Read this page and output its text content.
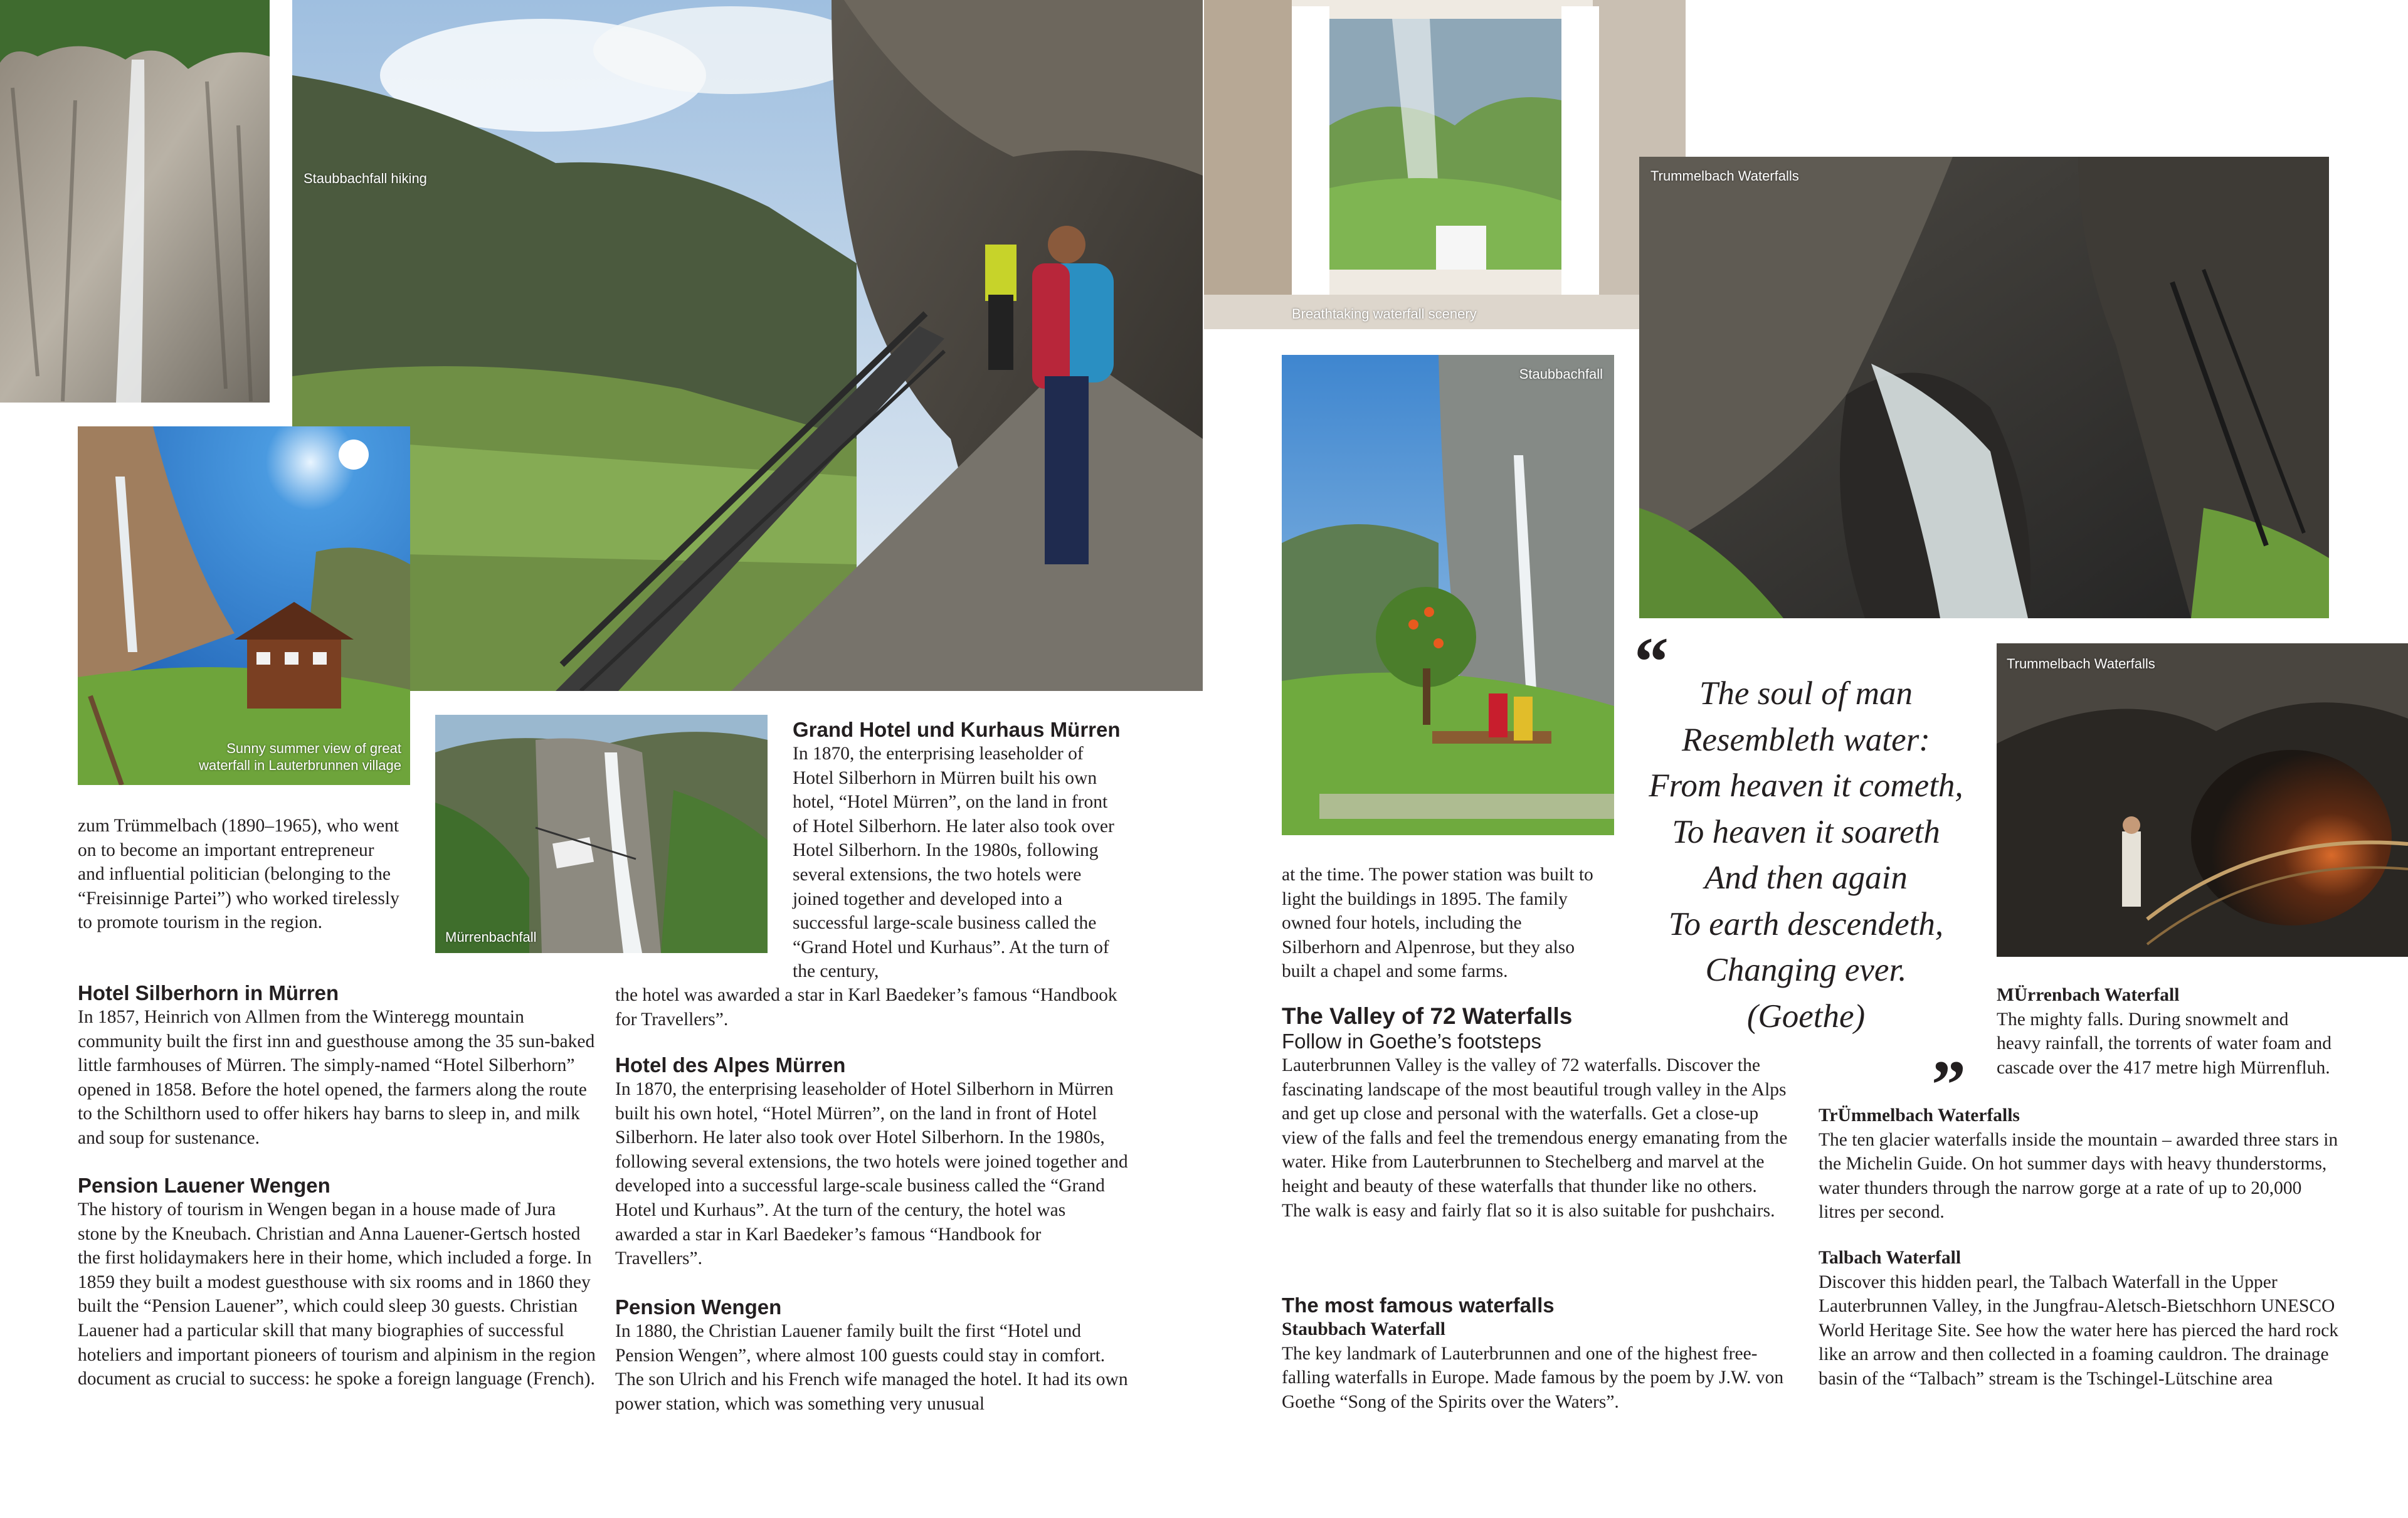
Staubbachfall hiking
Breathtaking waterfall scenery
Trummelbach Waterfalls
Sunny summer view of great
waterfall in Lauterbrunnen village
Mürrenbachfall
Staubbachfall
Trummelbach Waterfalls

zum Trümmelbach (1890–1965), who went on to become an important entrepreneur and influential politician (belonging to the “Freisinnige Partei”) who worked tirelessly to promote tourism in the region.

Hotel Silberhorn in Mürren

In 1857, Heinrich von Allmen from the Winteregg mountain community built the first inn and guesthouse among the 35 sun-baked little farmhouses of Mürren. The simply-named “Hotel Silberhorn” opened in 1858. Before the hotel opened, the farmers along the route to the Schilthorn used to offer hikers hay barns to sleep in, and milk and soup for sustenance.

Pension Lauener Wengen

The history of tourism in Wengen began in a house made of Jura stone by the Kneubach. Christian and Anna Lauener-Gertsch hosted the first holidaymakers here in their home, which included a forge. In 1859 they built a modest guesthouse with six rooms and in 1860 they built the “Pension Lauener”, which could sleep 30 guests. Christian Lauener had a particular skill that many biographies of successful hoteliers and important pioneers of tourism and alpinism in the region document as crucial to success: he spoke a foreign language (French).

Grand Hotel und Kurhaus Mürren

In 1870, the enterprising leaseholder of Hotel Silberhorn in Mürren built his own hotel, “Hotel Mürren”, on the land in front of Hotel Silberhorn. He later also took over Hotel Silberhorn. In the 1980s, following several extensions, the two hotels were joined together and developed into a successful large-scale business called the “Grand Hotel und Kurhaus”. At the turn of the century,

the hotel was awarded a star in Karl Baedeker’s famous “Handbook for Travellers”.

Hotel des Alpes Mürren

In 1870, the enterprising leaseholder of Hotel Silberhorn in Mürren built his own hotel, “Hotel Mürren”, on the land in front of Hotel Silberhorn. He later also took over Hotel Silberhorn. In the 1980s, following several extensions, the two hotels were joined together and developed into a successful large-scale business called the “Grand Hotel und Kurhaus”. At the turn of the century, the hotel was awarded a star in Karl Baedeker’s famous “Handbook for Travellers”.

Pension Wengen

In 1880, the Christian Lauener family built the first “Hotel und Pension Wengen”, where almost 100 guests could stay in comfort. The son Ulrich and his French wife managed the hotel. It had its own power station, which was something very unusual

at the time. The power station was built to light the buildings in 1895. The family owned four hotels, including the Silberhorn and Alpenrose, but they also built a chapel and some farms.

The Valley of 72 Waterfalls
Follow in Goethe’s footsteps

Lauterbrunnen Valley is the valley of 72 waterfalls. Discover the fascinating landscape of the most beautiful trough valley in the Alps and get up close and personal with the waterfalls. Get a close-up view of the falls and feel the tremendous energy emanating from the water. Hike from Lauterbrunnen to Stechelberg and marvel at the height and beauty of these waterfalls that thunder like no others. The walk is easy and fairly flat so it is also suitable for pushchairs.

The most famous waterfalls
Staubbach Waterfall

The key landmark of Lauterbrunnen and one of the highest free-falling waterfalls in Europe. Made famous by the poem by J.W. von Goethe “Song of the Spirits over the Waters”.

“ The soul of man
Resembleth water:
From heaven it cometh,
To heaven it soareth
And then again
To earth descendeth,
Changing ever.
(Goethe)
”
MÜrrenbach Waterfall

The mighty falls. During snowmelt and heavy rainfall, the torrents of water foam and cascade over the 417 metre high Mürrenfluh.

TrÜmmelbach Waterfalls

The ten glacier waterfalls inside the mountain – awarded three stars in the Michelin Guide. On hot summer days with heavy thunderstorms, water thunders through the narrow gorge at a rate of up to 20,000 litres per second.

Talbach Waterfall

Discover this hidden pearl, the Talbach Waterfall in the Upper Lauterbrunnen Valley, in the Jungfrau-Aletsch-Bietschhorn UNESCO World Heritage Site. See how the water here has pierced the hard rock like an arrow and then collected in a foaming cauldron. The drainage basin of the “Talbach” stream is the Tschingel-Lütschine area
